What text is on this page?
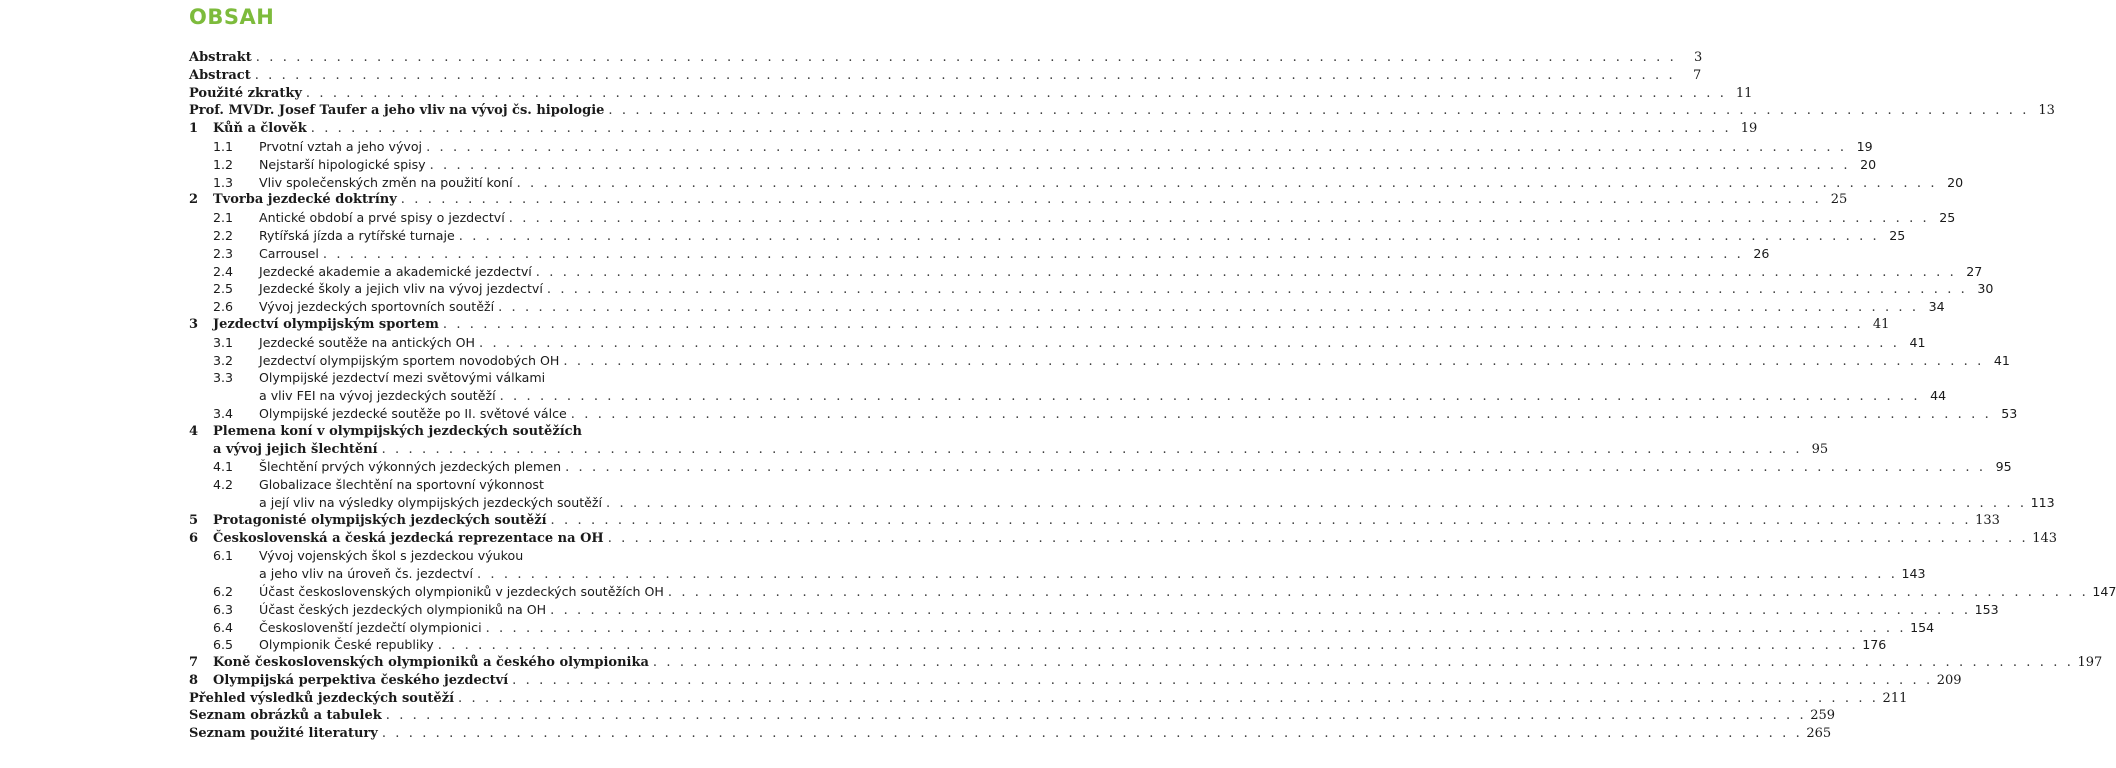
OBSAH
Abstrakt . . . . . . . . . . . . . . . . . . . . . . . . . . . . . . . . . . . . . . . . . . . . . . . . . . . . . . . . . . . . . . . . . . . . . . . . . . . . . . . . . . . . . . . . . . . . . . . . . . . . . . . . . .	3
Abstract . . . . . . . . . . . . . . . . . . . . . . . . . . . . . . . . . . . . . . . . . . . . . . . . . . . . . . . . . . . . . . . . . . . . . . . . . . . . . . . . . . . . . . . . . . . . . . . . . . . . . . . . . .	7
Použité zkratky . . . . . . . . . . . . . . . . . . . . . . . . . . . . . . . . . . . . . . . . . . . . . . . . . . . . . . . . . . . . . . . . . . . . . . . . . . . . . . . . . . . . . . . . . . . . . . . . . . . . . . . . . . 11
Prof. MVDr. Josef Taufer a jeho vliv na vývoj čs. hipologie . . . . . . . . . . . . . . . . . . . . . . . . . . . . . . . . . . . . . . . . . . . . . . . . . . . . . . . . . . . . . . . . . . . . . . . . . . . . . . . . . . . . . . . . . . . . . . . . . . . . . . . . . . 13
1 Kůň a člověk . . . . . . . . . . . . . . . . . . . . . . . . . . . . . . . . . . . . . . . . . . . . . . . . . . . . . . . . . . . . . . . . . . . . . . . . . . . . . . . . . . . . . . . . . . . . . . . . . . . . . . . . . . 19
1.1 Prvotní vztah a jeho vývoj . . . . . . . . . . . . . . . . . . . . . . . . . . . . . . . . . . . . . . . . . . . . . . . . . . . . . . . . . . . . . . . . . . . . . . . . . . . . . . . . . . . . . . . . . . . . . . . . . . . . . . . . . . 19
1.2 Nejstarší hipologické spisy . . . . . . . . . . . . . . . . . . . . . . . . . . . . . . . . . . . . . . . . . . . . . . . . . . . . . . . . . . . . . . . . . . . . . . . . . . . . . . . . . . . . . . . . . . . . . . . . . . . . . . . . . . 20
1.3 Vliv společenských změn na použití koní . . . . . . . . . . . . . . . . . . . . . . . . . . . . . . . . . . . . . . . . . . . . . . . . . . . . . . . . . . . . . . . . . . . . . . . . . . . . . . . . . . . . . . . . . . . . . . . . . . . . . . . . . . 20
2 Tvorba jezdecké doktríny . . . . . . . . . . . . . . . . . . . . . . . . . . . . . . . . . . . . . . . . . . . . . . . . . . . . . . . . . . . . . . . . . . . . . . . . . . . . . . . . . . . . . . . . . . . . . . . . . . . . . . . . . . 25
2.1 Antické období a prvé spisy o jezdectví . . . . . . . . . . . . . . . . . . . . . . . . . . . . . . . . . . . . . . . . . . . . . . . . . . . . . . . . . . . . . . . . . . . . . . . . . . . . . . . . . . . . . . . . . . . . . . . . . . . . . . . . . . 25
2.2 Rytířská jízda a rytířské turnaje . . . . . . . . . . . . . . . . . . . . . . . . . . . . . . . . . . . . . . . . . . . . . . . . . . . . . . . . . . . . . . . . . . . . . . . . . . . . . . . . . . . . . . . . . . . . . . . . . . . . . . . . . . 25
2.3 Carrousel . . . . . . . . . . . . . . . . . . . . . . . . . . . . . . . . . . . . . . . . . . . . . . . . . . . . . . . . . . . . . . . . . . . . . . . . . . . . . . . . . . . . . . . . . . . . . . . . . . . . . . . . . . 26
2.4 Jezdecké akademie a akademické jezdectví . . . . . . . . . . . . . . . . . . . . . . . . . . . . . . . . . . . . . . . . . . . . . . . . . . . . . . . . . . . . . . . . . . . . . . . . . . . . . . . . . . . . . . . . . . . . . . . . . . . . . . . . . . 27
2.5 Jezdecké školy a jejich vliv na vývoj jezdectví . . . . . . . . . . . . . . . . . . . . . . . . . . . . . . . . . . . . . . . . . . . . . . . . . . . . . . . . . . . . . . . . . . . . . . . . . . . . . . . . . . . . . . . . . . . . . . . . . . . . . . . . . . 30
2.6 Vývoj jezdeckých sportovních soutěží . . . . . . . . . . . . . . . . . . . . . . . . . . . . . . . . . . . . . . . . . . . . . . . . . . . . . . . . . . . . . . . . . . . . . . . . . . . . . . . . . . . . . . . . . . . . . . . . . . . . . . . . . . 34
3 Jezdectví olympijským sportem . . . . . . . . . . . . . . . . . . . . . . . . . . . . . . . . . . . . . . . . . . . . . . . . . . . . . . . . . . . . . . . . . . . . . . . . . . . . . . . . . . . . . . . . . . . . . . . . . . . . . . . . . . 41
3.1 Jezdecké soutěže na antických OH . . . . . . . . . . . . . . . . . . . . . . . . . . . . . . . . . . . . . . . . . . . . . . . . . . . . . . . . . . . . . . . . . . . . . . . . . . . . . . . . . . . . . . . . . . . . . . . . . . . . . . . . . . 41
3.2 Jezdectví olympijským sportem novodobých OH . . . . . . . . . . . . . . . . . . . . . . . . . . . . . . . . . . . . . . . . . . . . . . . . . . . . . . . . . . . . . . . . . . . . . . . . . . . . . . . . . . . . . . . . . . . . . . . . . . . . . . . . . . 41
3.3 Olympijské jezdectví mezi světovými válkami
a vliv FEI na vývoj jezdeckých soutěží . . . . . . . . . . . . . . . . . . . . . . . . . . . . . . . . . . . . . . . . . . . . . . . . . . . . . . . . . . . . . . . . . . . . . . . . . . . . . . . . . . . . . . . . . . . . . . . . . . . . . . . . . . 44
3.4 Olympijské jezdecké soutěže po II. světové válce . . . . . . . . . . . . . . . . . . . . . . . . . . . . . . . . . . . . . . . . . . . . . . . . . . . . . . . . . . . . . . . . . . . . . . . . . . . . . . . . . . . . . . . . . . . . . . . . . . . . . . . . . . 53
4 Plemena koní v olympijských jezdeckých soutěžích
a vývoj jejich šlechtění . . . . . . . . . . . . . . . . . . . . . . . . . . . . . . . . . . . . . . . . . . . . . . . . . . . . . . . . . . . . . . . . . . . . . . . . . . . . . . . . . . . . . . . . . . . . . . . . . . . . . . . . . . 95
4.1 Šlechtění prvých výkonných jezdeckých plemen . . . . . . . . . . . . . . . . . . . . . . . . . . . . . . . . . . . . . . . . . . . . . . . . . . . . . . . . . . . . . . . . . . . . . . . . . . . . . . . . . . . . . . . . . . . . . . . . . . . . . . . . . . 95
4.2 Globalizace šlechtění na sportovní výkonnost
a její vliv na výsledky olympijských jezdeckých soutěží . . . . . . . . . . . . . . . . . . . . . . . . . . . . . . . . . . . . . . . . . . . . . . . . . . . . . . . . . . . . . . . . . . . . . . . . . . . . . . . . . . . . . . . . . . . . . . . . . . . . . . . . . . 113
5 Protagonisté olympijských jezdeckých soutěží . . . . . . . . . . . . . . . . . . . . . . . . . . . . . . . . . . . . . . . . . . . . . . . . . . . . . . . . . . . . . . . . . . . . . . . . . . . . . . . . . . . . . . . . . . . . . . . . . . . . . . . . . . 133
6 Československá a česká jezdecká reprezentace na OH . . . . . . . . . . . . . . . . . . . . . . . . . . . . . . . . . . . . . . . . . . . . . . . . . . . . . . . . . . . . . . . . . . . . . . . . . . . . . . . . . . . . . . . . . . . . . . . . . . . . . . . . . . 143
6.1 Vývoj vojenských škol s jezdeckou výukou
a jeho vliv na úroveň čs. jezdectví . . . . . . . . . . . . . . . . . . . . . . . . . . . . . . . . . . . . . . . . . . . . . . . . . . . . . . . . . . . . . . . . . . . . . . . . . . . . . . . . . . . . . . . . . . . . . . . . . . . . . . . . . . 143
6.2 Účast československých olympioniků v jezdeckých soutěžích OH . . . . . . . . . . . . . . . . . . . . . . . . . . . . . . . . . . . . . . . . . . . . . . . . . . . . . . . . . . . . . . . . . . . . . . . . . . . . . . . . . . . . . . . . . . . . . . . . . . . . . . . . . . 147
6.3 Účast českých jezdeckých olympioniků na OH . . . . . . . . . . . . . . . . . . . . . . . . . . . . . . . . . . . . . . . . . . . . . . . . . . . . . . . . . . . . . . . . . . . . . . . . . . . . . . . . . . . . . . . . . . . . . . . . . . . . . . . . . . 153
6.4 Českoslovenští jezdečtí olympionici . . . . . . . . . . . . . . . . . . . . . . . . . . . . . . . . . . . . . . . . . . . . . . . . . . . . . . . . . . . . . . . . . . . . . . . . . . . . . . . . . . . . . . . . . . . . . . . . . . . . . . . . . . 154
6.5 Olympionik České republiky . . . . . . . . . . . . . . . . . . . . . . . . . . . . . . . . . . . . . . . . . . . . . . . . . . . . . . . . . . . . . . . . . . . . . . . . . . . . . . . . . . . . . . . . . . . . . . . . . . . . . . . . . . 176
7 Koně československých olympioniků a českého olympionika . . . . . . . . . . . . . . . . . . . . . . . . . . . . . . . . . . . . . . . . . . . . . . . . . . . . . . . . . . . . . . . . . . . . . . . . . . . . . . . . . . . . . . . . . . . . . . . . . . . . . . . . . . 197
8 Olympijská perpektiva českého jezdectví . . . . . . . . . . . . . . . . . . . . . . . . . . . . . . . . . . . . . . . . . . . . . . . . . . . . . . . . . . . . . . . . . . . . . . . . . . . . . . . . . . . . . . . . . . . . . . . . . . . . . . . . . . 209
Přehled výsledků jezdeckých soutěží . . . . . . . . . . . . . . . . . . . . . . . . . . . . . . . . . . . . . . . . . . . . . . . . . . . . . . . . . . . . . . . . . . . . . . . . . . . . . . . . . . . . . . . . . . . . . . . . . . . . . . . . . . 211
Seznam obrázků a tabulek . . . . . . . . . . . . . . . . . . . . . . . . . . . . . . . . . . . . . . . . . . . . . . . . . . . . . . . . . . . . . . . . . . . . . . . . . . . . . . . . . . . . . . . . . . . . . . . . . . . . . . . . . . 259
Seznam použité literatury . . . . . . . . . . . . . . . . . . . . . . . . . . . . . . . . . . . . . . . . . . . . . . . . . . . . . . . . . . . . . . . . . . . . . . . . . . . . . . . . . . . . . . . . . . . . . . . . . . . . . . . . . . 265
